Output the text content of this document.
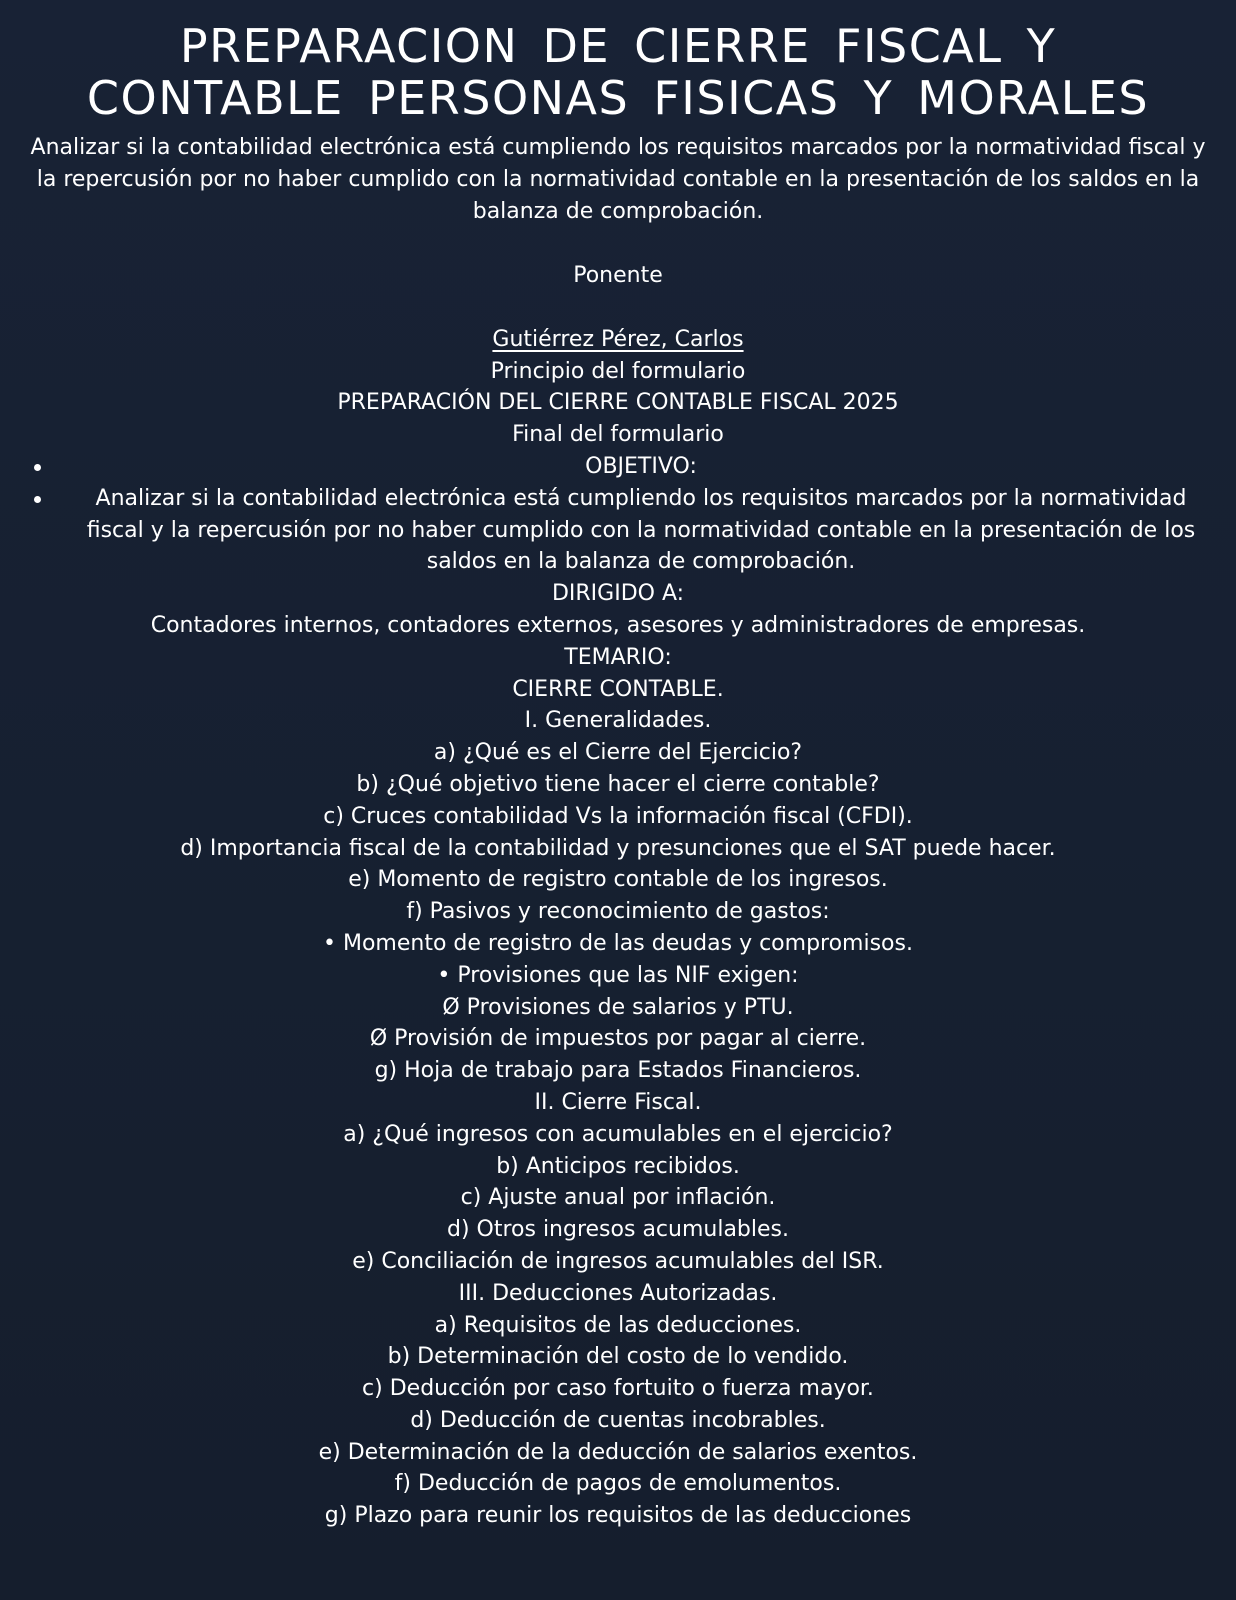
PREPARACION DE CIERRE FISCAL Y
CONTABLE PERSONAS FISICAS Y MORALES

Analizar si la contabilidad electrónica está cumpliendo los requisitos marcados por la normatividad fiscal y la repercusión por no haber cumplido con la normatividad contable en la presentación de los saldos en la balanza de comprobación.

Ponente

Gutiérrez Pérez, Carlos

Principio del formulario

PREPARACIÓN DEL CIERRE CONTABLE FISCAL 2025

Final del formulario

OBJETIVO:
Analizar si la contabilidad electrónica está cumpliendo los requisitos marcados por la normatividad fiscal y la repercusión por no haber cumplido con la normatividad contable en la presentación de los saldos en la balanza de comprobación.

DIRIGIDO A:

Contadores internos, contadores externos, asesores y administradores de empresas.

TEMARIO:

CIERRE CONTABLE.

I. Generalidades.

a) ¿Qué es el Cierre del Ejercicio?

b) ¿Qué objetivo tiene hacer el cierre contable?

c) Cruces contabilidad Vs la información fiscal (CFDI).

d) Importancia fiscal de la contabilidad y presunciones que el SAT puede hacer.

e) Momento de registro contable de los ingresos.

f) Pasivos y reconocimiento de gastos:

• Momento de registro de las deudas y compromisos.

• Provisiones que las NIF exigen:

Ø Provisiones de salarios y PTU.

Ø Provisión de impuestos por pagar al cierre.

g) Hoja de trabajo para Estados Financieros.

II. Cierre Fiscal.

a) ¿Qué ingresos con acumulables en el ejercicio?

b) Anticipos recibidos.

c) Ajuste anual por inflación.

d) Otros ingresos acumulables.

e) Conciliación de ingresos acumulables del ISR.

III. Deducciones Autorizadas.

a) Requisitos de las deducciones.

b) Determinación del costo de lo vendido.

c) Deducción por caso fortuito o fuerza mayor.

d) Deducción de cuentas incobrables.

e) Determinación de la deducción de salarios exentos.

f) Deducción de pagos de emolumentos.

g) Plazo para reunir los requisitos de las deducciones
